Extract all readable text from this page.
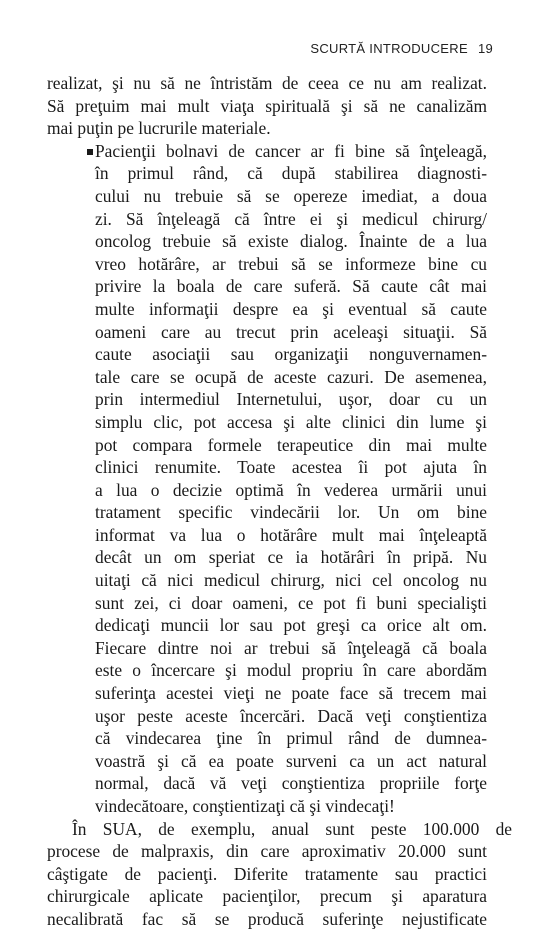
SCURTĂ INTRODUCERE 19
realizat, şi nu să ne întristăm de ceea ce nu am realizat.
Să preţuim mai mult viaţa spirituală şi să ne canalizăm
mai puţin pe lucrurile materiale.
Pacienţii bolnavi de cancer ar fi bine să înţeleagă,
în primul rând, că după stabilirea diagnosti-
cului nu trebuie să se opereze imediat, a doua
zi. Să înţeleagă că între ei şi medicul chirurg/
oncolog trebuie să existe dialog. Înainte de a lua
vreo hotărâre, ar trebui să se informeze bine cu
privire la boala de care suferă. Să caute cât mai
multe informaţii despre ea şi eventual să caute
oameni care au trecut prin aceleaşi situaţii. Să
caute asociaţii sau organizaţii nonguvernamen-
tale care se ocupă de aceste cazuri. De asemenea,
prin intermediul Internetului, uşor, doar cu un
simplu clic, pot accesa şi alte clinici din lume şi
pot compara formele terapeutice din mai multe
clinici renumite. Toate acestea îi pot ajuta în
a lua o decizie optimă în vederea urmării unui
tratament specific vindecării lor. Un om bine
informat va lua o hotărâre mult mai înţeleaptă
decât un om speriat ce ia hotărâri în pripă. Nu
uitaţi că nici medicul chirurg, nici cel oncolog nu
sunt zei, ci doar oameni, ce pot fi buni specialişti
dedicaţi muncii lor sau pot greşi ca orice alt om.
Fiecare dintre noi ar trebui să înţeleagă că boala
este o încercare şi modul propriu în care abordăm
suferinţa acestei vieţi ne poate face să trecem mai
uşor peste aceste încercări. Dacă veţi conştientiza
că vindecarea ţine în primul rând de dumnea-
voastră şi că ea poate surveni ca un act natural
normal, dacă vă veţi conştientiza propriile forţe
vindecătoare, conştientizaţi că şi vindecaţi!
În SUA, de exemplu, anual sunt peste 100.000 de
procese de malpraxis, din care aproximativ 20.000 sunt
câştigate de pacienţi. Diferite tratamente sau practici
chirurgicale aplicate pacienţilor, precum şi aparatura
necalibrată fac să se producă suferinţe nejustificate
